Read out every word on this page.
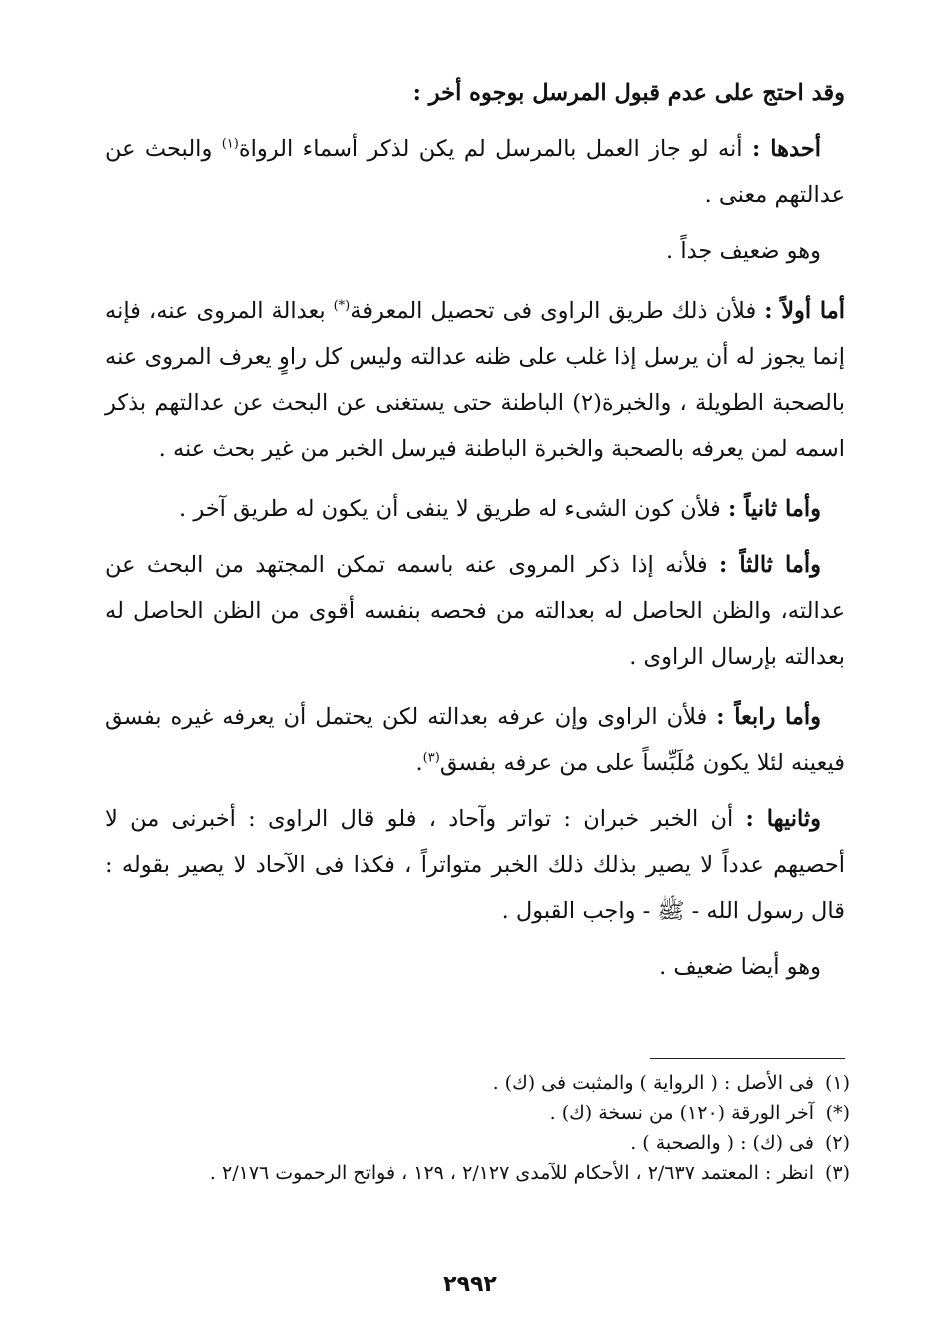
وقد احتج على عدم قبول المرسل بوجوه أخر :

أحدها : أنه لو جاز العمل بالمرسل لم يكن لذكر أسماء الرواة$^{(١)}$ والبحث عن عدالتهم معنى .

وهو ضعيف جداً .

أما أولاً : فلأن ذلك طريق الراوى فى تحصيل المعرفة(*) بعدالة المروى عنه، فإنه إنما يجوز له أن يرسل إذا غلب على ظنه عدالته وليس كل راوٍ يعرف المروى عنه بالصحبة الطويلة ، والخبرة(٢) الباطنة حتى يستغنى عن البحث عن عدالتهم بذكر اسمه لمن يعرفه بالصحبة والخبرة الباطنة فيرسل الخبر من غير بحث عنه .

وأما ثانياً : فلأن كون الشىء له طريق لا ينفى أن يكون له طريق آخر .

وأما ثالثاً : فلأنه إذا ذكر المروى عنه باسمه تمكن المجتهد من البحث عن عدالته، والظن الحاصل له بعدالته من فحصه بنفسه أقوى من الظن الحاصل له بعدالته بإرسال الراوى .

وأما رابعاً : فلأن الراوى وإن عرفه بعدالته لكن يحتمل أن يعرفه غيره بفسق فيعينه لئلا يكون مُلَبِّساً على من عرفه بفسق$^{(٣)}$.

وثانيها : أن الخبر خبران : تواتر وآحاد ، فلو قال الراوى : أخبرنى من لا أحصيهم عدداً لا يصير بذلك ذلك الخبر متواتراً ، فكذا فى الآحاد لا يصير بقوله : قال رسول الله - ﷺ - واجب القبول .

وهو أيضا ضعيف .

(١)فى الأصل : ( الرواية ) والمثبت فى (ك) .

(*)آخر الورقة (١٢٠) من نسخة (ك) .

(٢)فى (ك) : ( والصحبة ) .

(٣)انظر : المعتمد ٢/٦٣٧ ، الأحكام للآمدى ٢/١٢٧ ، ١٢٩ ، فواتح الرحموت ٢/١٧٦ .

٢٩٩٢
